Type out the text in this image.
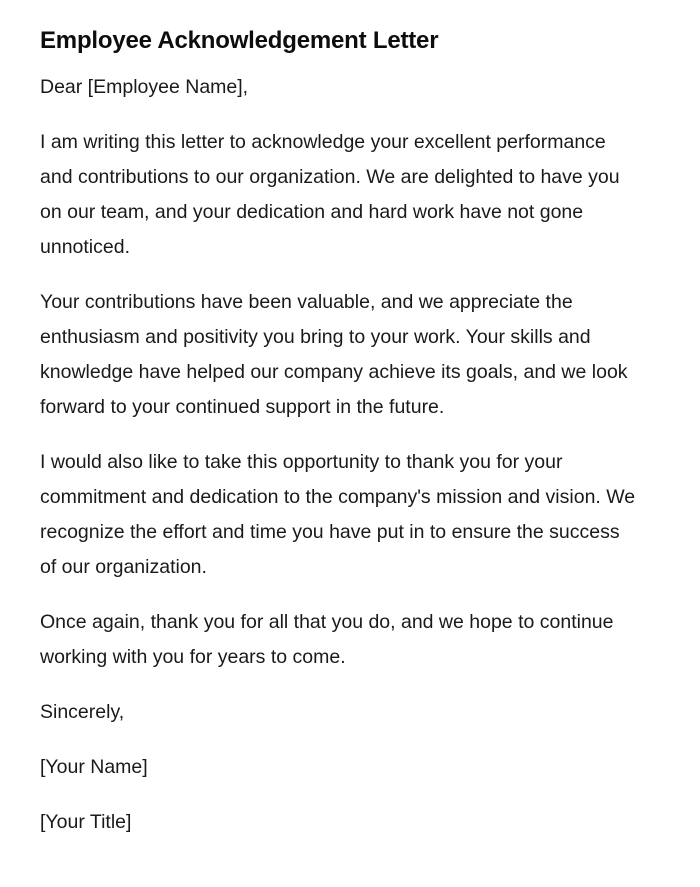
Employee Acknowledgement Letter

Dear [Employee Name],

I am writing this letter to acknowledge your excellent performance and contributions to our organization. We are delighted to have you on our team, and your dedication and hard work have not gone unnoticed.

Your contributions have been valuable, and we appreciate the enthusiasm and positivity you bring to your work. Your skills and knowledge have helped our company achieve its goals, and we look forward to your continued support in the future.

I would also like to take this opportunity to thank you for your commitment and dedication to the company's mission and vision. We recognize the effort and time you have put in to ensure the success of our organization.

Once again, thank you for all that you do, and we hope to continue working with you for years to come.

Sincerely,

[Your Name]

[Your Title]
